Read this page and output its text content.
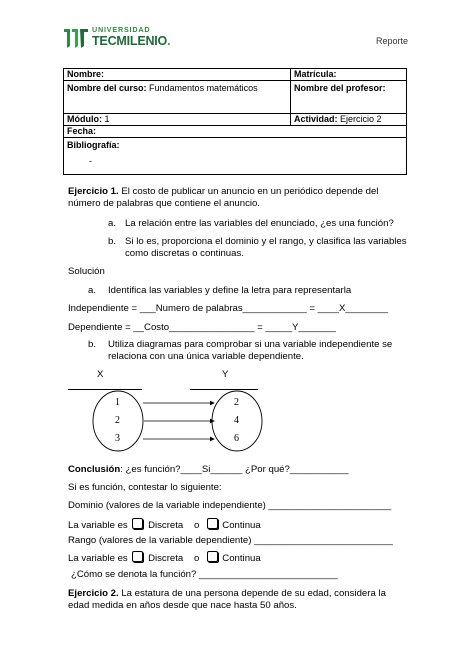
UNIVERSIDAD
TECMILENIO.	Reporte
Nombre:	Matrícula:
Nombre del curso: Fundamentos matemáticos	Nombre del profesor:
Módulo: 1	Actividad: Ejercicio 2
Fecha:	
Bibliografía:
-	
Ejercicio 1. El costo de publicar un anuncio en un periódico depende del
número de palabras que contiene el anuncio.
a. La relación entre las variables del enunciado, ¿es una función?
b. Si lo es, proporciona el dominio y el rango, y clasifica las variables
como discretas o continuas.
Solución
a. Identifica las variables y define la letra para representarla
Independiente = ___Numero de palabras____________ = ____X________
Dependiente = __Costo________________ = _____Y_______
b. Utiliza diagramas para comprobar si una variable independiente se
relaciona con una única variable dependiente.
X	Y
1
2
3
2
4
6
Conclusión: ¿es función?____Si______ ¿Por qué?___________
Si es función, contestar lo siguiente:
Dominio (valores de la variable independiente) _______________________
La variable es Discreta o Continua
Rango (valores de la variable dependiente) __________________________
La variable es Discreta o Continua
¿Cómo se denota la función? __________________________
Ejercicio 2. La estatura de una persona depende de su edad, considera la
edad medida en años desde que nace hasta 50 años.
